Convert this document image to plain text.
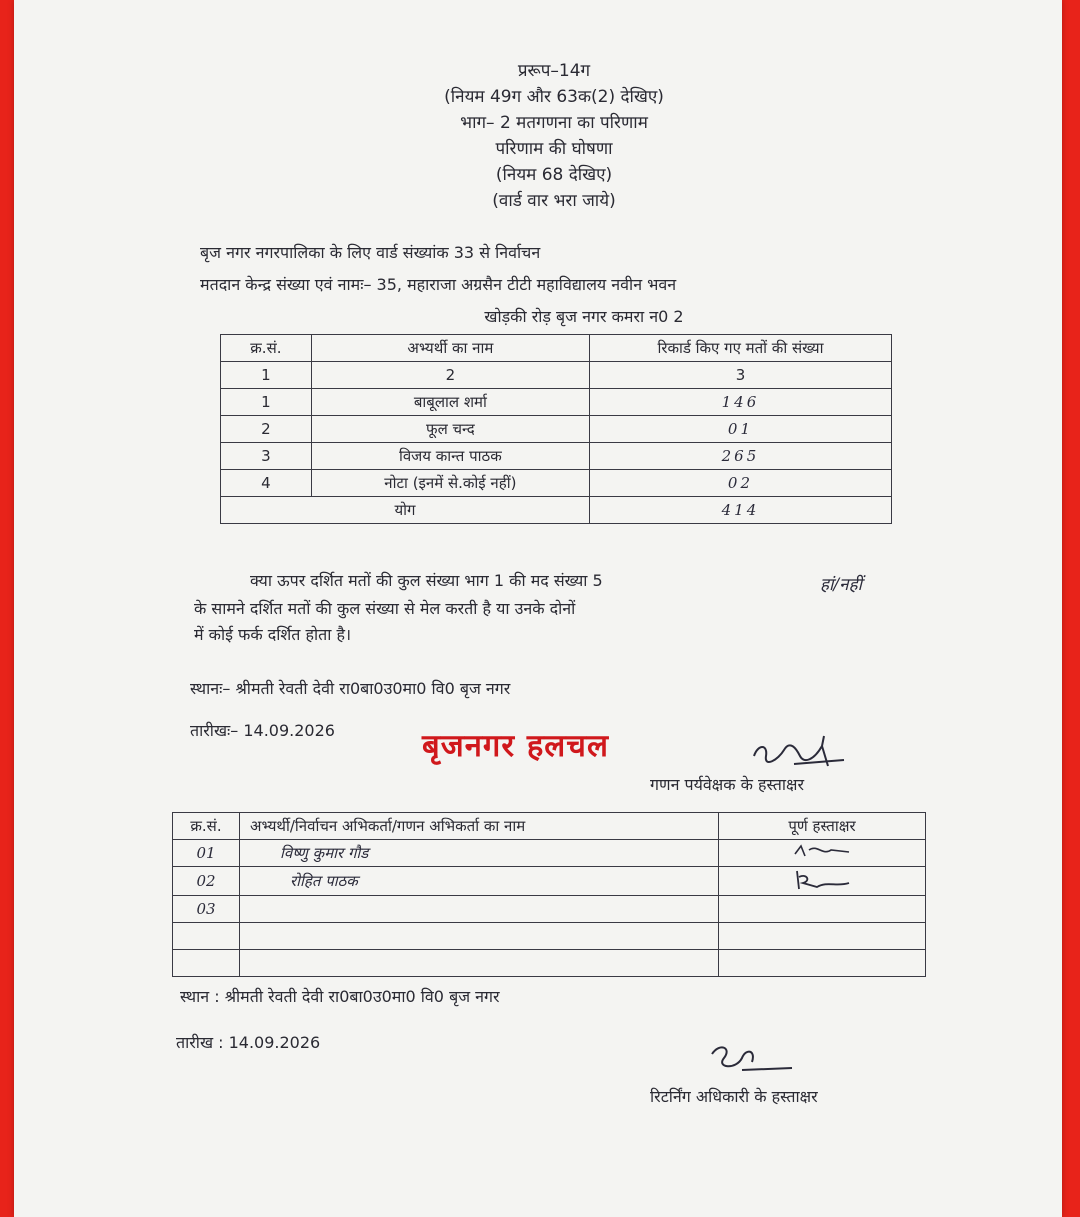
प्ररूप–14ग
(नियम 49ग और 63क(2) देखिए)
भाग– 2 मतगणना का परिणाम
परिणाम की घोषणा
(नियम 68 देखिए)
(वार्ड वार भरा जाये)
बृज नगर नगरपालिका के लिए वार्ड संख्यांक 33 से निर्वाचन
मतदान केन्द्र संख्या एवं नामः– 35, महाराजा अग्रसैन टीटी महाविद्यालय नवीन भवन
खोड़की रोड़ बृज नगर कमरा न0 2
क्र.सं.	अभ्यर्थी का नाम	रिकार्ड किए गए मतों की संख्या
1	2	3
1	बाबूलाल शर्मा	146
2	फूल चन्द	01
3	विजय कान्त पाठक	265
4	नोटा (इनमें से.कोई नहीं)	02
योग		414
क्या ऊपर दर्शित मतों की कुल संख्या भाग 1 की मद संख्या 5
के सामने दर्शित मतों की कुल संख्या से मेल करती है या उनके दोनों
में कोई फर्क दर्शित होता है।
हां/नहीं
स्थानः– श्रीमती रेवती देवी रा0बा0उ0मा0 वि0 बृज नगर
तारीखः– 14.09.2026	बृजनगर हलचल
गणन पर्यवेक्षक के हस्ताक्षर
क्र.सं.	अभ्यर्थी/निर्वाचन अभिकर्ता/गणन अभिकर्ता का नाम	पूर्ण हस्ताक्षर
01	विष्णु कुमार गौड	
02	रोहित पाठक	
03		

स्थान : श्रीमती रेवती देवी रा0बा0उ0मा0 वि0 बृज नगर
तारीख : 14.09.2026
रिटर्निंग अधिकारी के हस्ताक्षर
